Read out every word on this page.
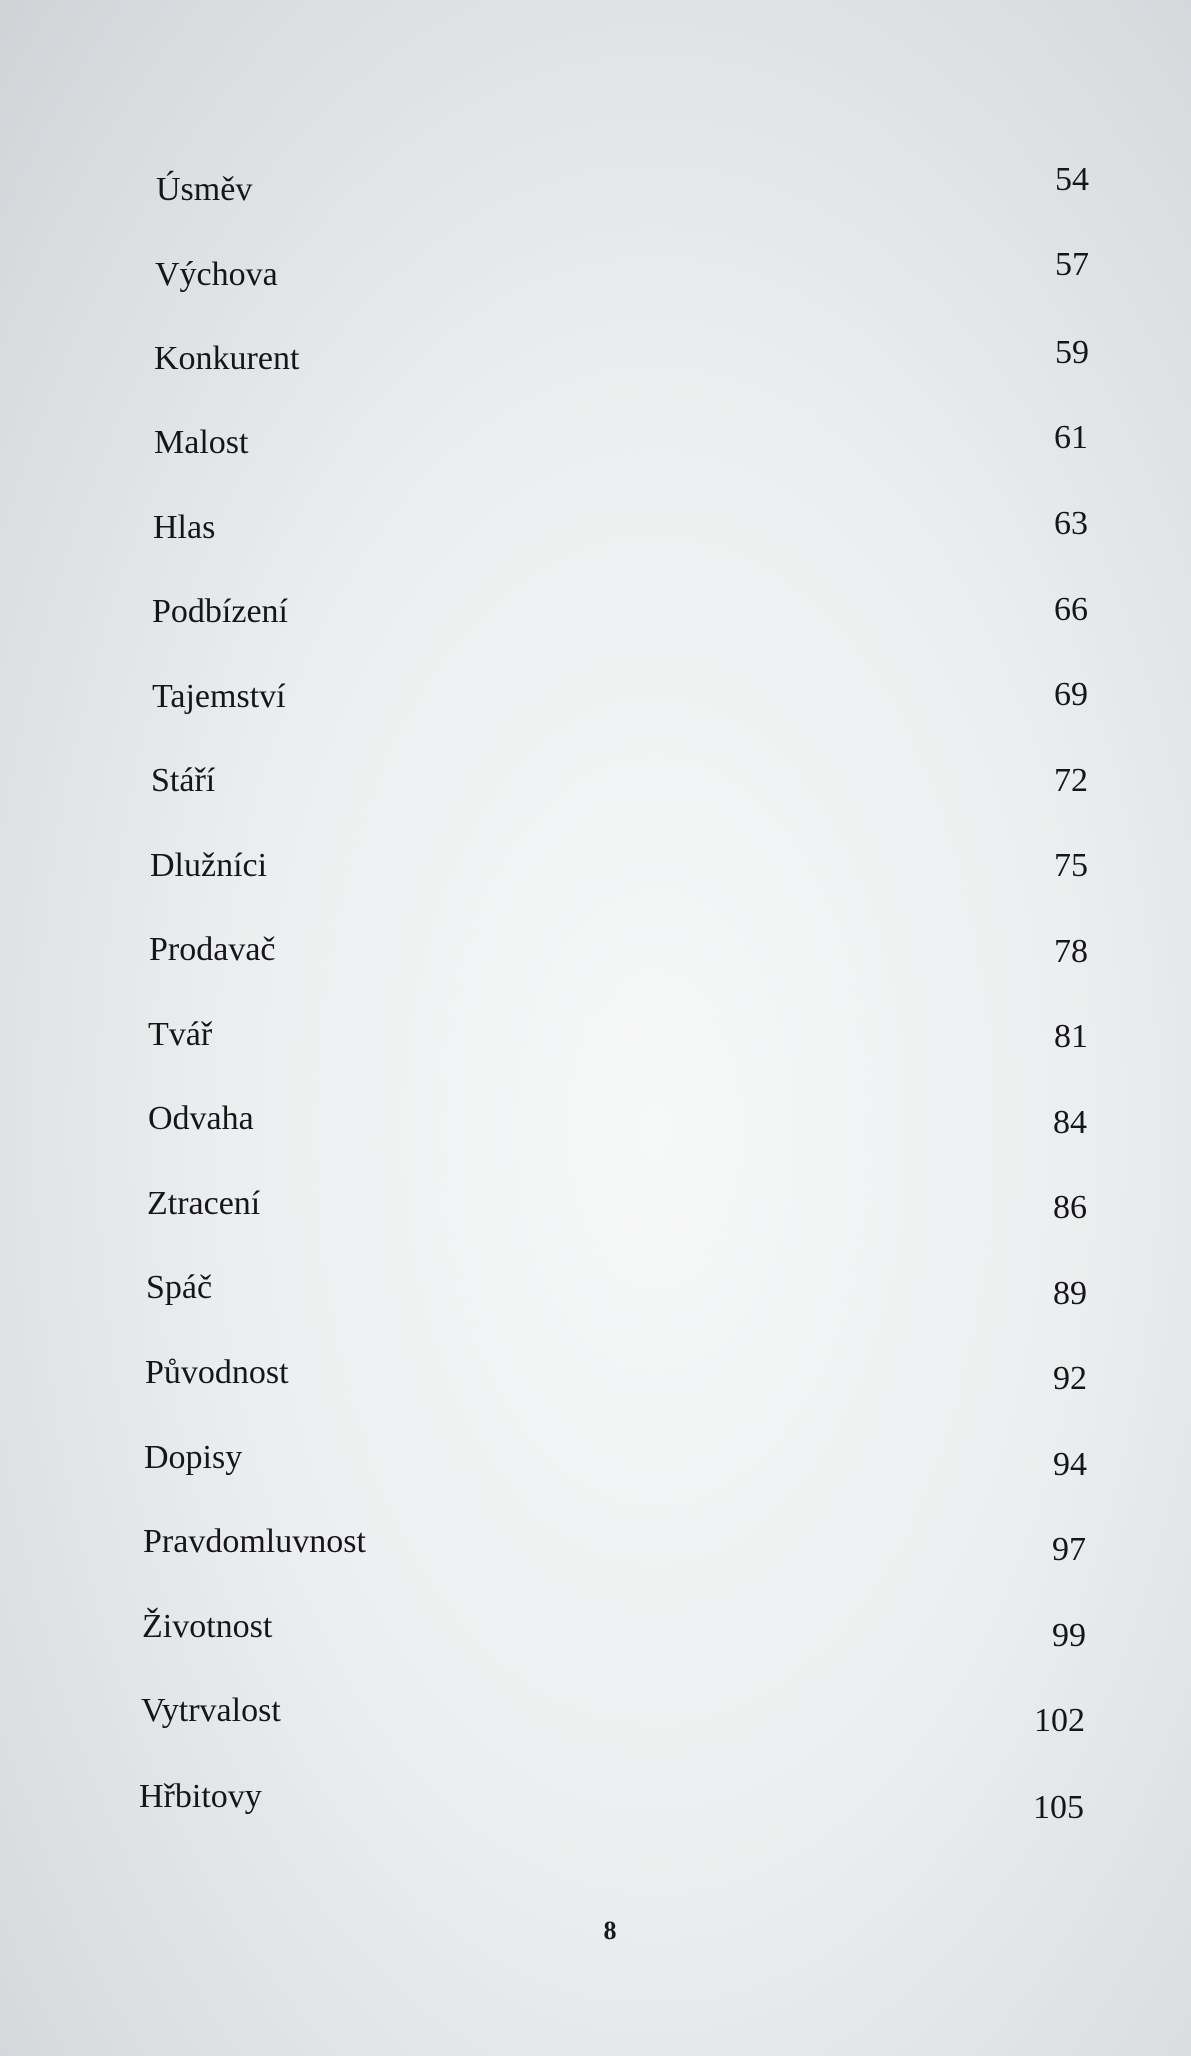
Úsměv	54
Výchova	57
Konkurent	59
Malost	61
Hlas	63
Podbízení	66
Tajemství	69
Stáří	72
Dlužníci	75
Prodavač	78
Tvář	81
Odvaha	84
Ztracení	86
Spáč	89
Původnost	92
Dopisy	94
Pravdomluvnost	97
Životnost	99
Vytrvalost	102
Hřbitovy	105
8
